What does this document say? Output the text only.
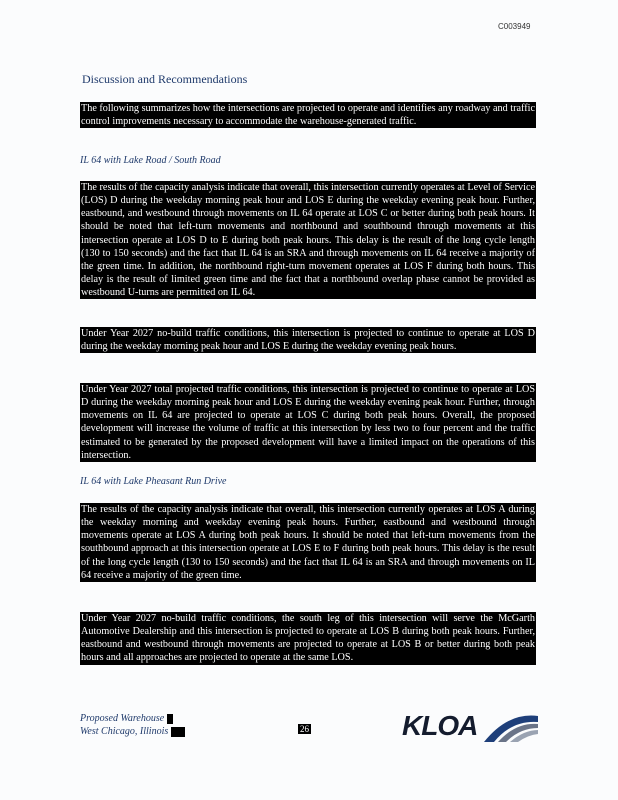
C003949
Discussion and Recommendations
The following summarizes how the intersections are projected to operate and identifies any roadway and traffic control improvements necessary to accommodate the warehouse-generated traffic.
IL 64 with Lake Road / South Road
The results of the capacity analysis indicate that overall, this intersection currently operates at Level of Service (LOS) D during the weekday morning peak hour and LOS E during the weekday evening peak hour. Further, eastbound, and westbound through movements on IL 64 operate at LOS C or better during both peak hours. It should be noted that left-turn movements and northbound and southbound through movements at this intersection operate at LOS D to E during both peak hours. This delay is the result of the long cycle length (130 to 150 seconds) and the fact that IL 64 is an SRA and through movements on IL 64 receive a majority of the green time. In addition, the northbound right-turn movement operates at LOS F during both hours. This delay is the result of limited green time and the fact that a northbound overlap phase cannot be provided as westbound U-turns are permitted on IL 64.
Under Year 2027 no-build traffic conditions, this intersection is projected to continue to operate at LOS D during the weekday morning peak hour and LOS E during the weekday evening peak hours.
Under Year 2027 total projected traffic conditions, this intersection is projected to continue to operate at LOS D during the weekday morning peak hour and LOS E during the weekday evening peak hour. Further, through movements on IL 64 are projected to operate at LOS C during both peak hours. Overall, the proposed development will increase the volume of traffic at this intersection by less two to four percent and the traffic estimated to be generated by the proposed development will have a limited impact on the operations of this intersection.
IL 64 with Lake Pheasant Run Drive
The results of the capacity analysis indicate that overall, this intersection currently operates at LOS A during the weekday morning and weekday evening peak hours. Further, eastbound and westbound through movements operate at LOS A during both peak hours. It should be noted that left-turn movements from the southbound approach at this intersection operate at LOS E to F during both peak hours. This delay is the result of the long cycle length (130 to 150 seconds) and the fact that IL 64 is an SRA and through movements on IL 64 receive a majority of the green time.
Under Year 2027 no-build traffic conditions, the south leg of this intersection will serve the McGarth Automotive Dealership and this intersection is projected to operate at LOS B during both peak hours. Further, eastbound and westbound through movements are projected to operate at LOS B or better during both peak hours and all approaches are projected to operate at the same LOS.
Proposed Warehouse
West Chicago, Illinois	26	KLOA
